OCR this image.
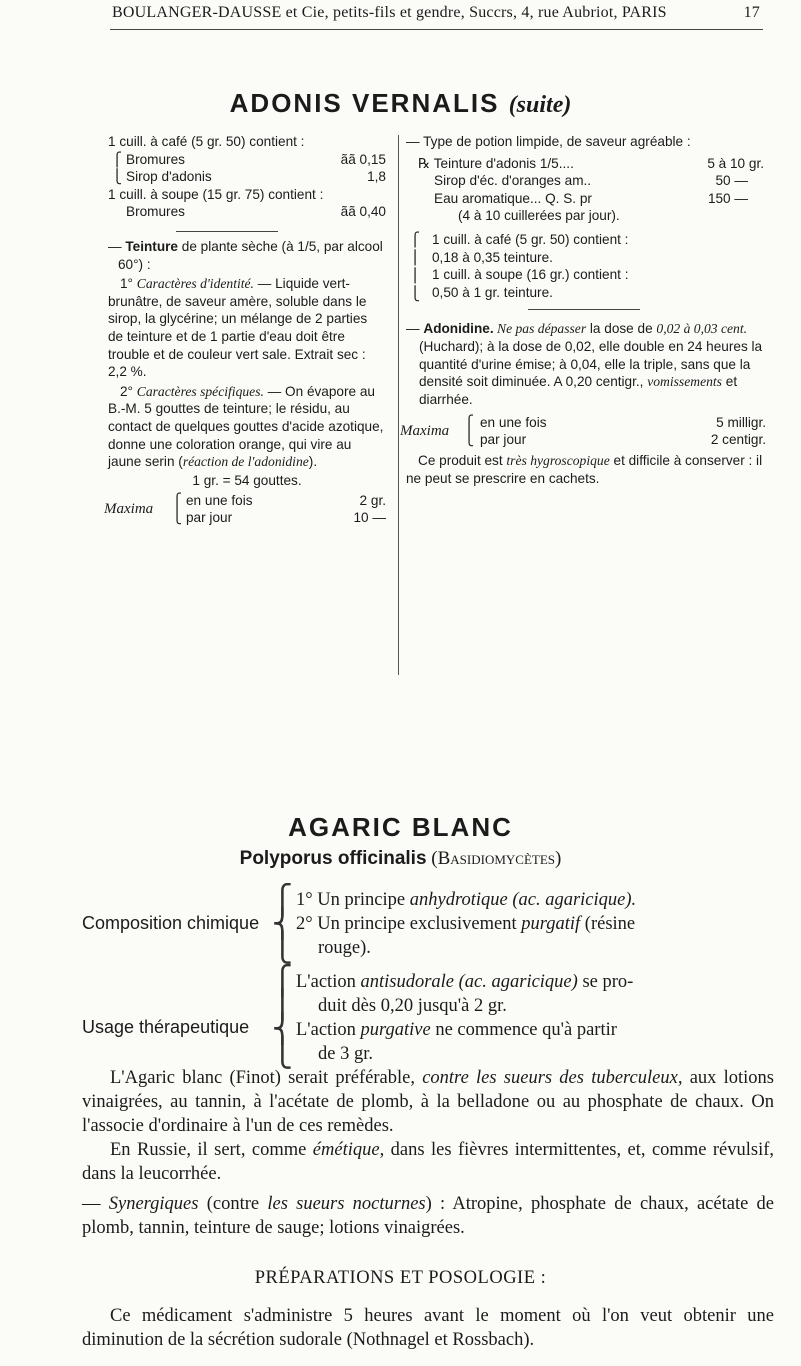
BOULANGER-DAUSSE et Cie, petits-fils et gendre, Succrs, 4, rue Aubriot, PARIS	17
ADONIS VERNALIS (suite)
1 cuill. à café (5 gr. 50) contient :
⎧ Bromures	ãã 0,15
⎩ Sirop d'adonis	1,8
1 cuill. à soupe (15 gr. 75) contient :
Bromures	ãã 0,40

— Teinture de plante sèche (à 1/5, par alcool 60°) :

1° Caractères d'identité. — Liquide vert-brunâtre, de saveur amère, soluble dans le sirop, la glycérine; un mélange de 2 parties de teinture et de 1 partie d'eau doit être trouble et de couleur vert sale. Extrait sec : 2,2 %.

2° Caractères spécifiques. — On évapore au B.-M. 5 gouttes de teinture; le résidu, au contact de quelques gouttes d'acide azotique, donne une coloration orange, qui vire au jaune serin (réaction de l'adonidine).

1 gr. = 54 gouttes.
Maxima
⎧
⎩
en une fois	2 gr.
par jour	10 —

— Type de potion limpide, de saveur agréable :

℞ Teinture d'adonis 1/5....	5 à 10 gr.
Sirop d'éc. d'oranges am..	50 —
Eau aromatique... Q. S. pr	150 —
(4 à 10 cuillerées par jour).
⎧
⎪
⎪
⎩
1 cuill. à café (5 gr. 50) contient :
0,18 à 0,35 teinture.
1 cuill. à soupe (16 gr.) contient :
0,50 à 1 gr. teinture.

— Adonidine. Ne pas dépasser la dose de 0,02 à 0,03 cent. (Huchard); à la dose de 0,02, elle double en 24 heures la quantité d'urine émise; à 0,04, elle la triple, sans que la densité soit diminuée. A 0,20 centigr., vomissements et diarrhée.

Maxima
⎧
⎩
en une fois	5 milligr.
par jour	2 centigr.

Ce produit est très hygroscopique et difficile à conserver : il ne peut se prescrire en cachets.

AGARIC BLANC
Polyporus officinalis (Basidiomycètes)
Composition chimique
⎧
⎨
⎩
1° Un principe anhydrotique (ac. agaricique).
2° Un principe exclusivement purgatif (résine
rouge).
Usage thérapeutique
⎧
⎪
⎨
⎩
L'action antisudorale (ac. agaricique) se pro-
duit dès 0,20 jusqu'à 2 gr.
L'action purgative ne commence qu'à partir
de 3 gr.

L'Agaric blanc (Finot) serait préférable, contre les sueurs des tuberculeux, aux lotions vinaigrées, au tannin, à l'acétate de plomb, à la belladone ou au phosphate de chaux. On l'associe d'ordinaire à l'un de ces remèdes.

En Russie, il sert, comme émétique, dans les fièvres intermittentes, et, comme révulsif, dans la leucorrhée.

— Synergiques (contre les sueurs nocturnes) : Atropine, phosphate de chaux, acétate de plomb, tannin, teinture de sauge; lotions vinaigrées.

PRÉPARATIONS ET POSOLOGIE :

Ce médicament s'administre 5 heures avant le moment où l'on veut obtenir une diminution de la sécrétion sudorale (Nothnagel et Rossbach).
